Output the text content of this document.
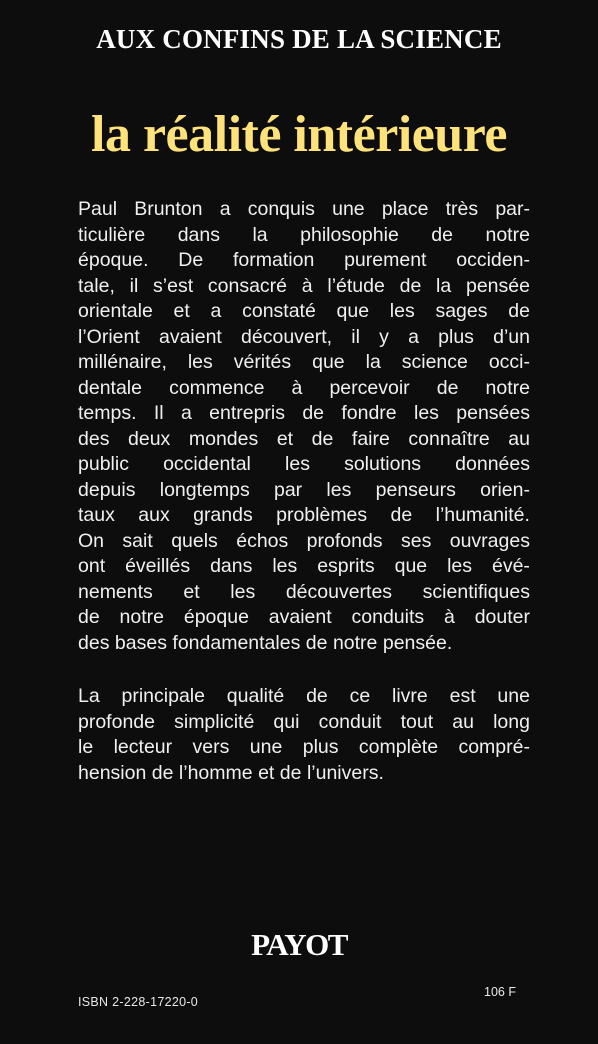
AUX CONFINS DE LA SCIENCE
la réalité intérieure
Paul Brunton a conquis une place très par-
ticulière dans la philosophie de notre
époque. De formation purement occiden-
tale, il s’est consacré à l’étude de la pensée
orientale et a constaté que les sages de
l’Orient avaient découvert, il y a plus d’un
millénaire, les vérités que la science occi-
dentale commence à percevoir de notre
temps. Il a entrepris de fondre les pensées
des deux mondes et de faire connaître au
public occidental les solutions données
depuis longtemps par les penseurs orien-
taux aux grands problèmes de l’humanité.
On sait quels échos profonds ses ouvrages
ont éveillés dans les esprits que les évé-
nements et les découvertes scientifiques
de notre époque avaient conduits à douter
des bases fondamentales de notre pensée.
La principale qualité de ce livre est une
profonde simplicité qui conduit tout au long
le lecteur vers une plus complète compré-
hension de l’homme et de l’univers.
PAYOT
ISBN 2-228-17220-0
106 F
